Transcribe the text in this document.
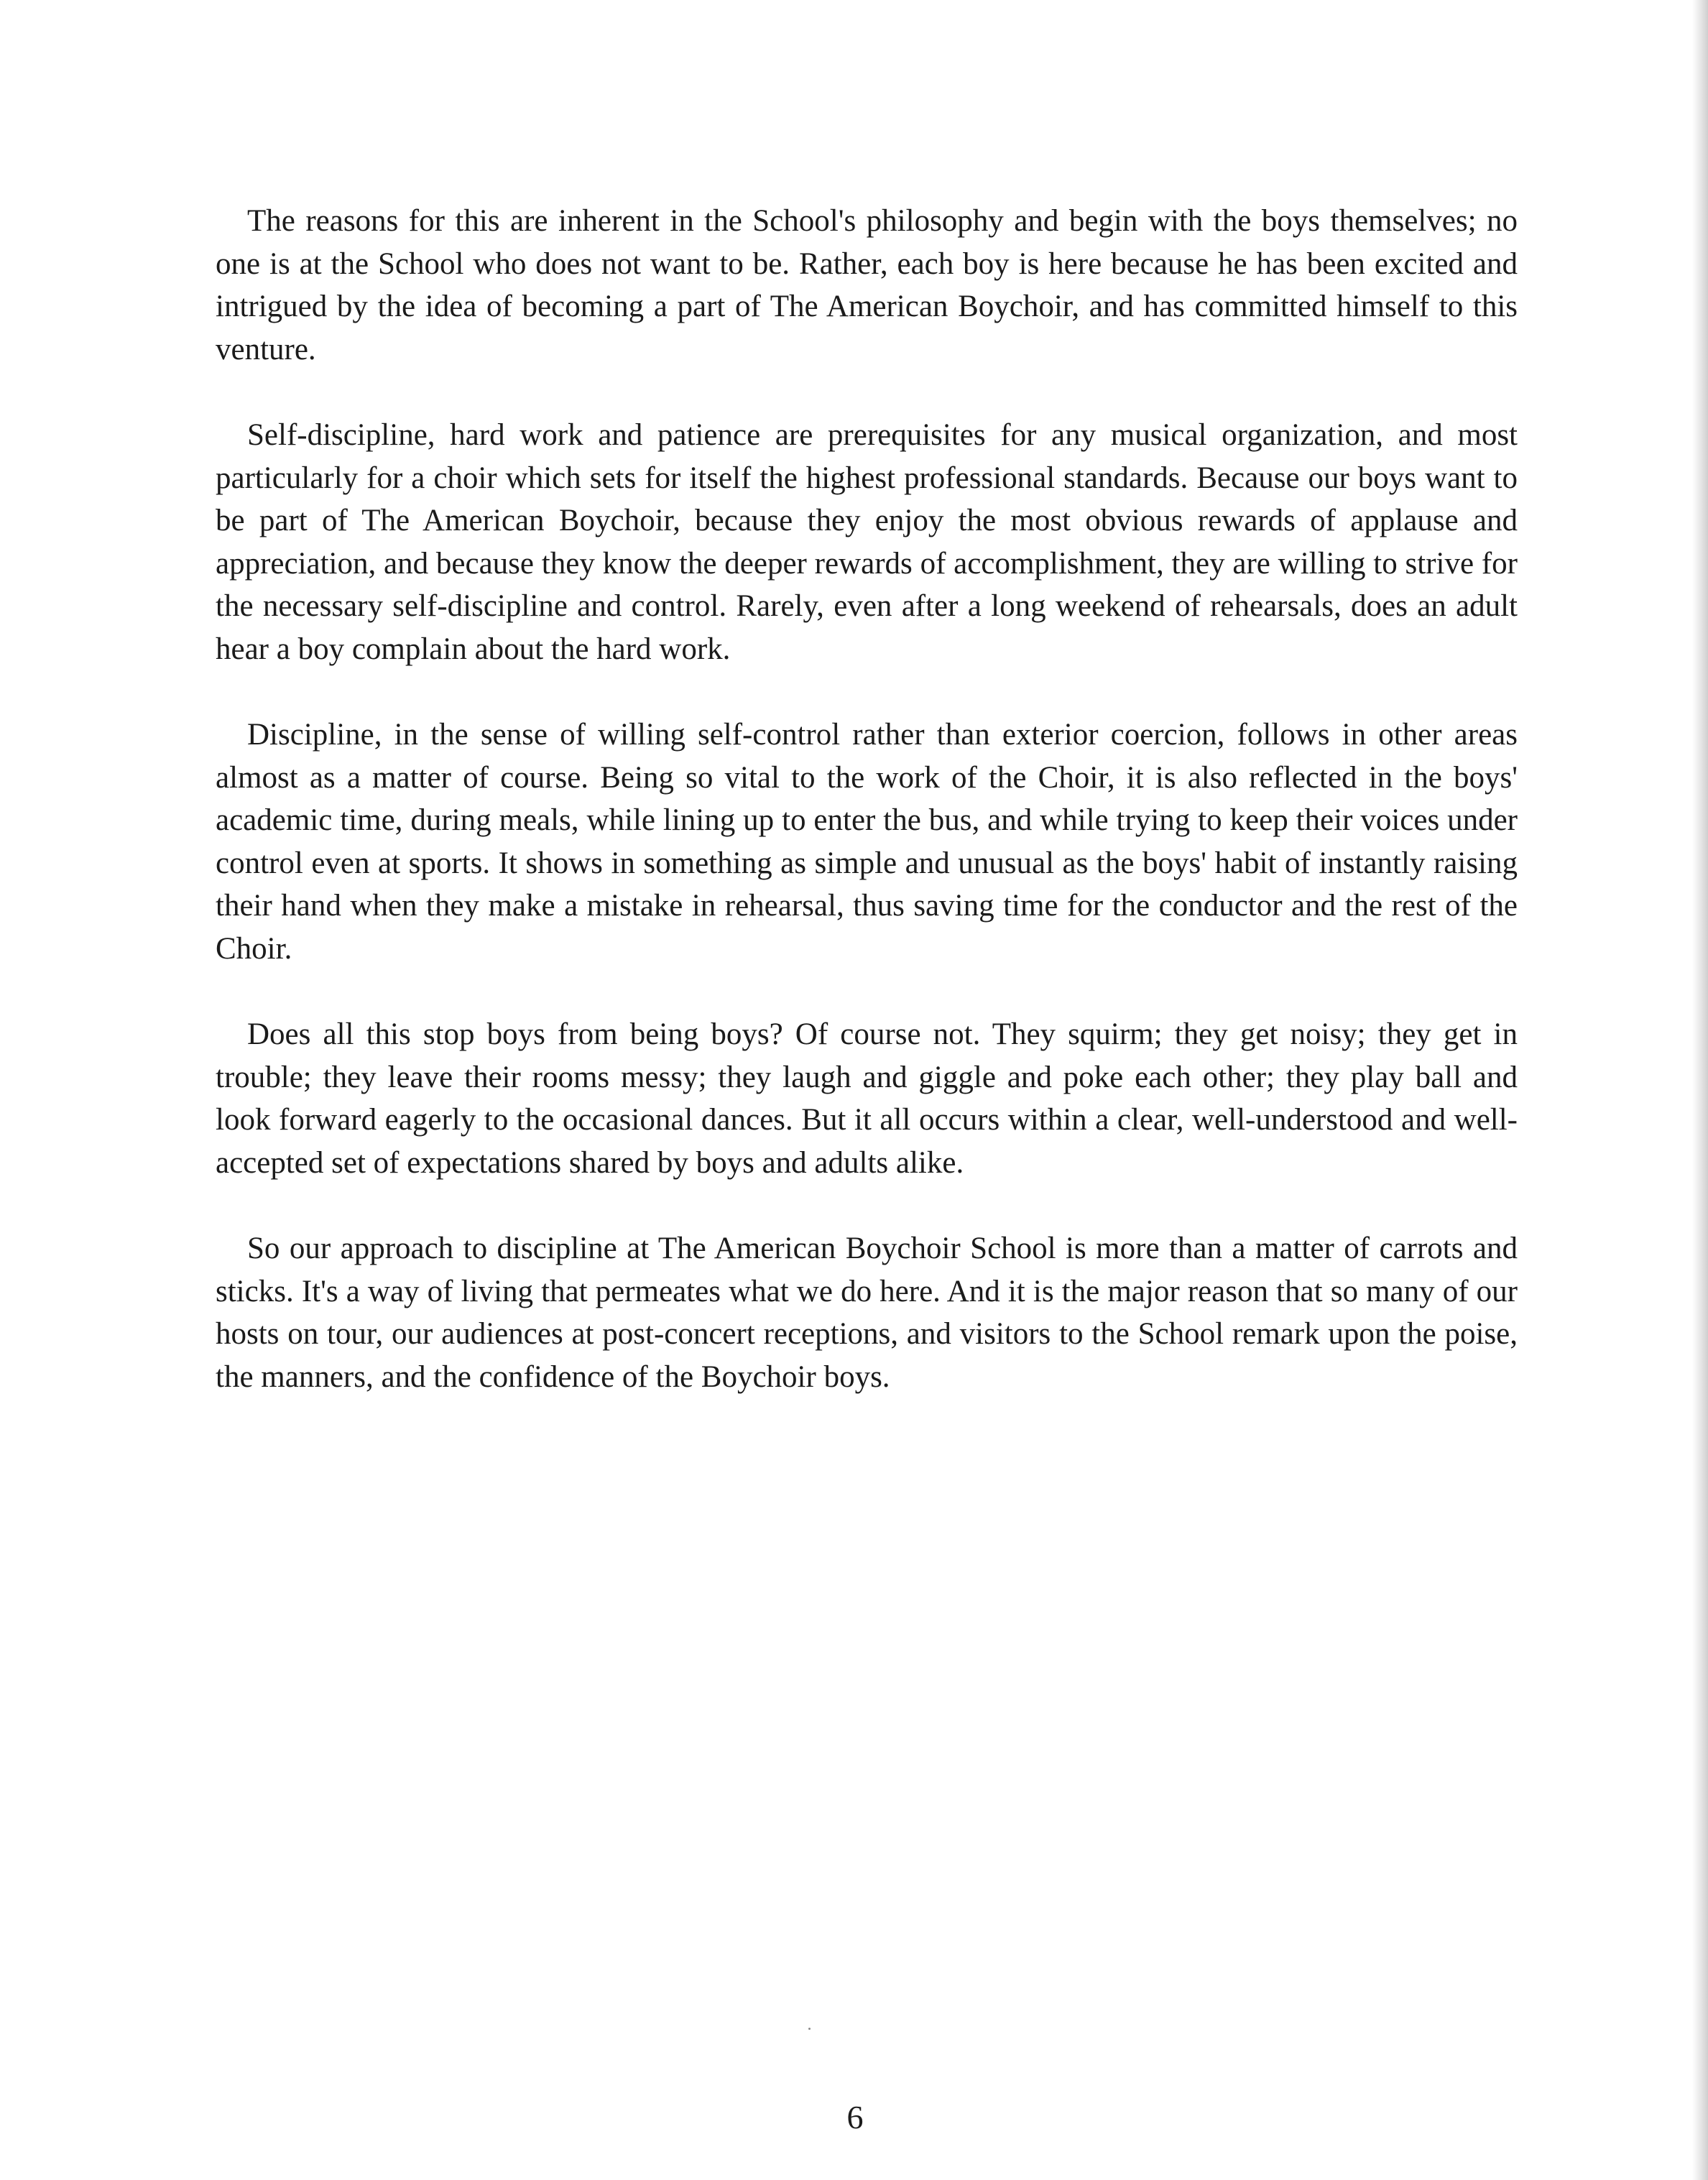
The reasons for this are inherent in the School's philosophy and begin with the boys themselves; no one is at the School who does not want to be. Rather, each boy is here because he has been excited and intrigued by the idea of becoming a part of The American Boychoir, and has committed himself to this venture.

Self-discipline, hard work and patience are prerequisites for any musical organization, and most particularly for a choir which sets for itself the highest professional standards. Because our boys want to be part of The American Boychoir, because they enjoy the most obvious rewards of applause and appreciation, and because they know the deeper rewards of accomplishment, they are willing to strive for the necessary self-discipline and control. Rarely, even after a long weekend of rehearsals, does an adult hear a boy complain about the hard work.

Discipline, in the sense of willing self-control rather than exterior coercion, follows in other areas almost as a matter of course. Being so vital to the work of the Choir, it is also reflected in the boys' academic time, during meals, while lining up to enter the bus, and while trying to keep their voices under control even at sports. It shows in something as simple and unusual as the boys' habit of instantly raising their hand when they make a mistake in rehearsal, thus saving time for the conductor and the rest of the Choir.

Does all this stop boys from being boys? Of course not. They squirm; they get noisy; they get in trouble; they leave their rooms messy; they laugh and giggle and poke each other; they play ball and look forward eagerly to the occasional dances. But it all occurs within a clear, well-understood and well-accepted set of expectations shared by boys and adults alike.

So our approach to discipline at The American Boychoir School is more than a matter of carrots and sticks. It's a way of living that permeates what we do here. And it is the major reason that so many of our hosts on tour, our audiences at post-concert receptions, and visitors to the School remark upon the poise, the manners, and the confidence of the Boychoir boys.

6
